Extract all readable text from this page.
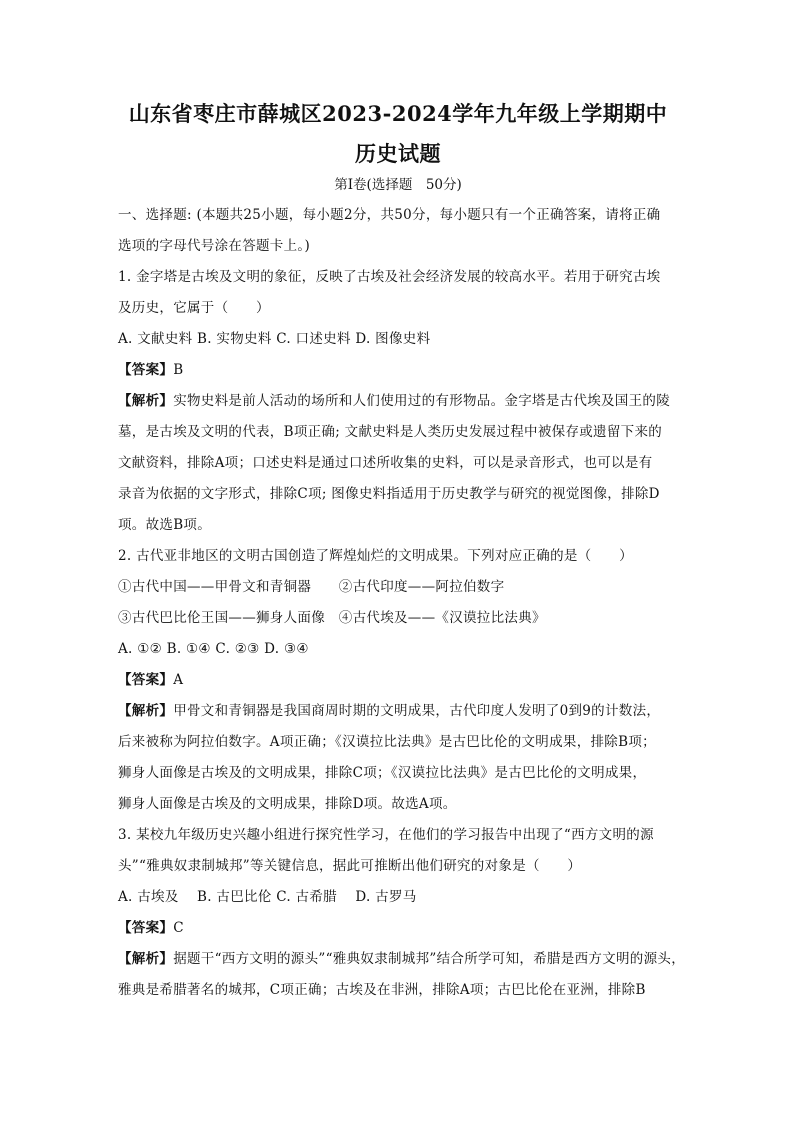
山东省枣庄市薛城区2023-2024学年九年级上学期期中
历史试题
第I卷(选择题　50分)
一、选择题: (本题共25小题，每小题2分，共50分，每小题只有一个正确答案，请将正确
选项的字母代号涂在答题卡上。)
1. 金字塔是古埃及文明的象征，反映了古埃及社会经济发展的较高水平。若用于研究古埃
及历史，它属于（　　）
A. 文献史料 B. 实物史料 C. 口述史料 D. 图像史料
【答案】B
【解析】实物史料是前人活动的场所和人们使用过的有形物品。金字塔是古代埃及国王的陵
墓，是古埃及文明的代表，B项正确; 文献史料是人类历史发展过程中被保存或遗留下来的
文献资料，排除A项；口述史料是通过口述所收集的史料，可以是录音形式，也可以是有
录音为依据的文字形式，排除C项; 图像史料指适用于历史教学与研究的视觉图像，排除D
项。故选B项。
2. 古代亚非地区的文明古国创造了辉煌灿烂的文明成果。下列对应正确的是（　　）
①古代中国——甲骨文和青铜器　　②古代印度——阿拉伯数字
③古代巴比伦王国——狮身人面像　④古代埃及——《汉谟拉比法典》
A. ①② B. ①④ C. ②③ D. ③④
【答案】A
【解析】甲骨文和青铜器是我国商周时期的文明成果，古代印度人发明了0到9的计数法，
后来被称为阿拉伯数字。A项正确；《汉谟拉比法典》是古巴比伦的文明成果，排除B项；
狮身人面像是古埃及的文明成果，排除C项；《汉谟拉比法典》是古巴比伦的文明成果，
狮身人面像是古埃及的文明成果，排除D项。故选A项。
3. 某校九年级历史兴趣小组进行探究性学习，在他们的学习报告中出现了“西方文明的源
头”“雅典奴隶制城邦”等关键信息，据此可推断出他们研究的对象是（　　）
A. 古埃及　 B. 古巴比伦 C. 古希腊　 D. 古罗马
【答案】C
【解析】据题干“西方文明的源头”“雅典奴隶制城邦”结合所学可知，希腊是西方文明的源头，
雅典是希腊著名的城邦，C项正确；古埃及在非洲，排除A项；古巴比伦在亚洲，排除B
